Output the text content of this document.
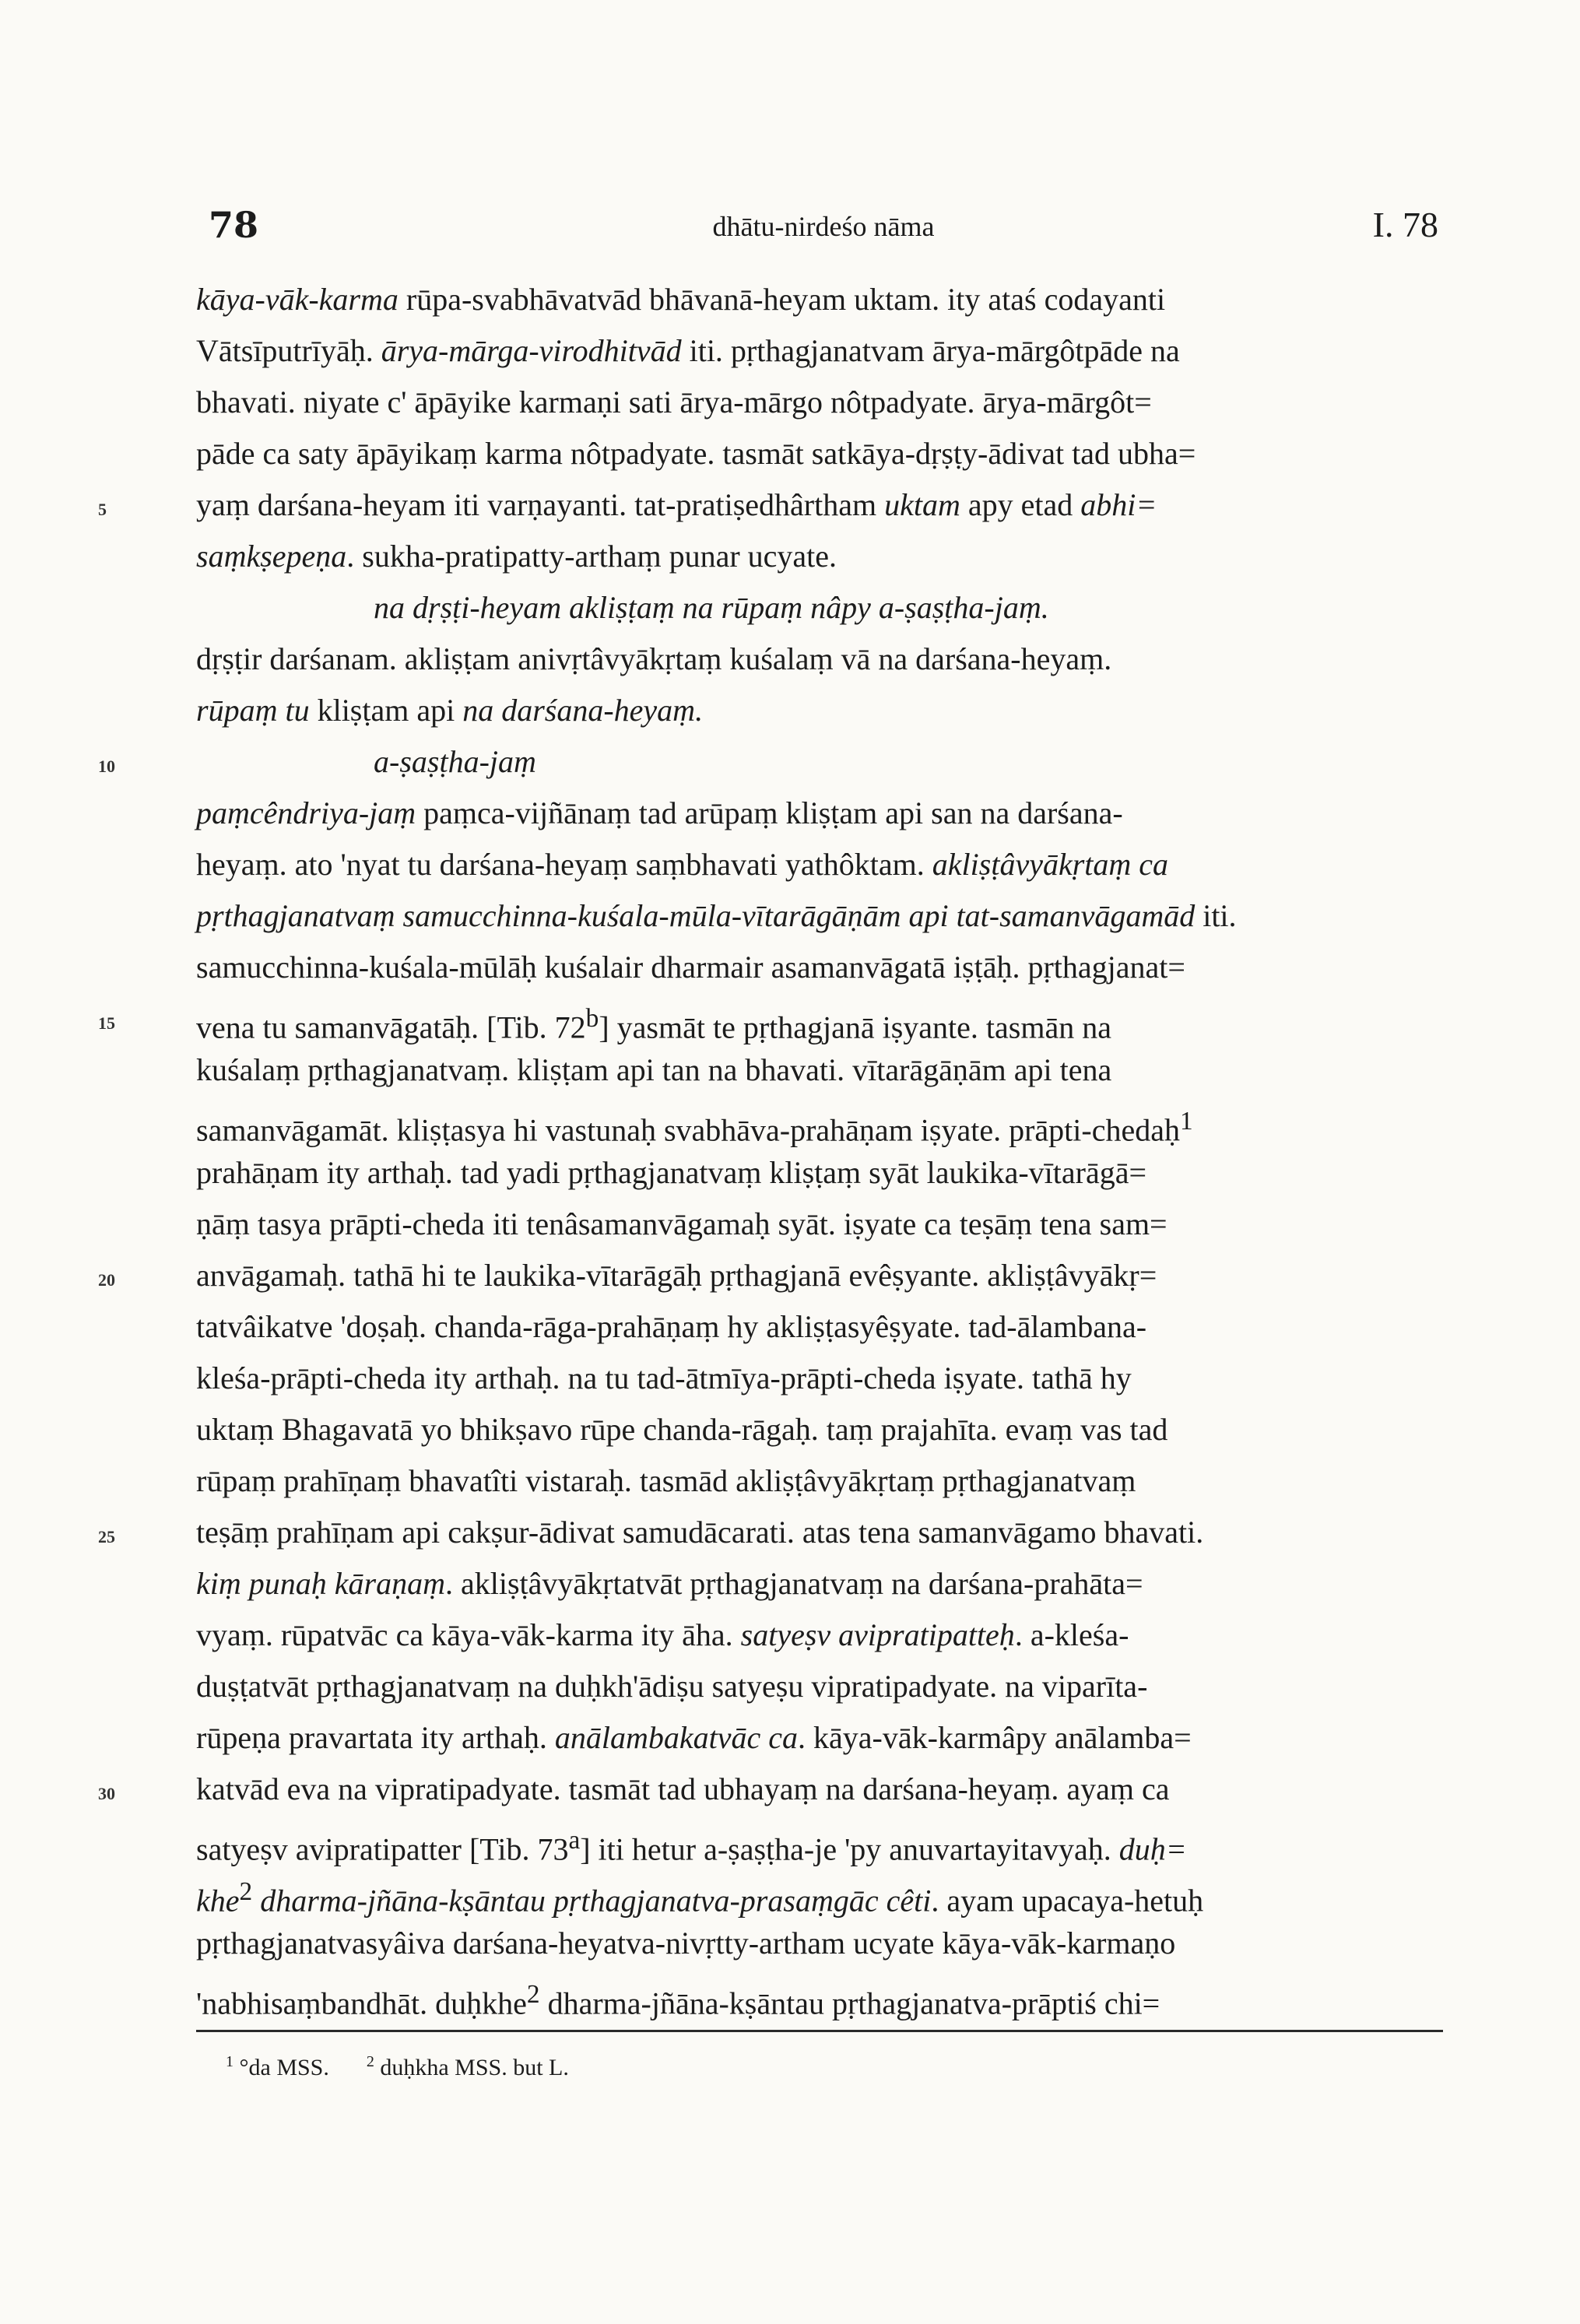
78	dhātu-nirdeśo nāma	I. 78
kāya-vāk-karma rūpa-svabhāvatvād bhāvanā-heyam uktam. ity ataś codayanti
Vātsīputrīyāḥ. ārya-mārga-virodhitvād iti. pṛthagjanatvam ārya-mārgôtpāde na
bhavati. niyate c' āpāyike karmaṇi sati ārya-mārgo nôtpadyate. ārya-mārgôt=
pāde ca saty āpāyikaṃ karma nôtpadyate. tasmāt satkāya-dṛṣṭy-ādivat tad ubha=
yaṃ darśana-heyam iti varṇayanti. tat-pratiṣedhârtham uktam apy etad abhi=
5
saṃkṣepeṇa. sukha-pratipatty-arthaṃ punar ucyate.
na dṛṣṭi-heyam akliṣṭaṃ na rūpaṃ nâpy a-ṣaṣṭha-jaṃ.
dṛṣṭir darśanam. akliṣṭam anivṛtâvyākṛtaṃ kuśalaṃ vā na darśana-heyaṃ.
rūpaṃ tu kliṣṭam api na darśana-heyaṃ.
a-ṣaṣṭha-jaṃ
10
paṃcêndriya-jaṃ paṃca-vijñānaṃ tad arūpaṃ kliṣṭam api san na darśana-
heyaṃ. ato 'nyat tu darśana-heyaṃ saṃbhavati yathôktam. akliṣṭâvyākṛtaṃ ca
pṛthagjanatvaṃ samucchinna-kuśala-mūla-vītarāgāṇām api tat-samanvāgamād iti.
samucchinna-kuśala-mūlāḥ kuśalair dharmair asamanvāgatā iṣṭāḥ. pṛthagjanat=
vena tu samanvāgatāḥ. [Tib. 72$^b$] yasmāt te pṛthagjanā iṣyante. tasmān na
15
kuśalaṃ pṛthagjanatvaṃ. kliṣṭam api tan na bhavati. vītarāgāṇām api tena
samanvāgamāt. kliṣṭasya hi vastunaḥ svabhāva-prahāṇam iṣyate. prāpti-chedaḥ$^1$
prahāṇam ity arthaḥ. tad yadi pṛthagjanatvaṃ kliṣṭaṃ syāt laukika-vītarāgā=
ṇāṃ tasya prāpti-cheda iti tenâsamanvāgamaḥ syāt. iṣyate ca teṣāṃ tena sam=
anvāgamaḥ. tathā hi te laukika-vītarāgāḥ pṛthagjanā evêṣyante. akliṣṭâvyākṛ=
20
tatvâikatve 'doṣaḥ. chanda-rāga-prahāṇaṃ hy akliṣṭasyêṣyate. tad-ālambana-
kleśa-prāpti-cheda ity arthaḥ. na tu tad-ātmīya-prāpti-cheda iṣyate. tathā hy
uktaṃ Bhagavatā yo bhikṣavo rūpe chanda-rāgaḥ. taṃ prajahīta. evaṃ vas tad
rūpaṃ prahīṇaṃ bhavatîti vistaraḥ. tasmād akliṣṭâvyākṛtaṃ pṛthagjanatvaṃ
teṣāṃ prahīṇam api cakṣur-ādivat samudācarati. atas tena samanvāgamo bhavati.
25
kiṃ punaḥ kāraṇaṃ. akliṣṭâvyākṛtatvāt pṛthagjanatvaṃ na darśana-prahāta=
vyaṃ. rūpatvāc ca kāya-vāk-karma ity āha. satyeṣv avipratipatteḥ. a-kleśa-
duṣṭatvāt pṛthagjanatvaṃ na duḥkh'ādiṣu satyeṣu vipratipadyate. na viparīta-
rūpeṇa pravartata ity arthaḥ. anālambakatvāc ca. kāya-vāk-karmâpy anālamba=
katvād eva na vipratipadyate. tasmāt tad ubhayaṃ na darśana-heyaṃ. ayaṃ ca
30
satyeṣv avipratipatter [Tib. 73$^a$] iti hetur a-ṣaṣṭha-je 'py anuvartayitavyaḥ. duḥ=
khe$^2$ dharma-jñāna-kṣāntau pṛthagjanatva-prasaṃgāc cêti. ayam upacaya-hetuḥ
pṛthagjanatvasyâiva darśana-heyatva-nivṛtty-artham ucyate kāya-vāk-karmaṇo
'nabhisaṃbandhāt. duḥkhe$^2$ dharma-jñāna-kṣāntau pṛthagjanatva-prāptiś chi=
$^1$ °da MSS. $^2$ duḥkha MSS. but L.
